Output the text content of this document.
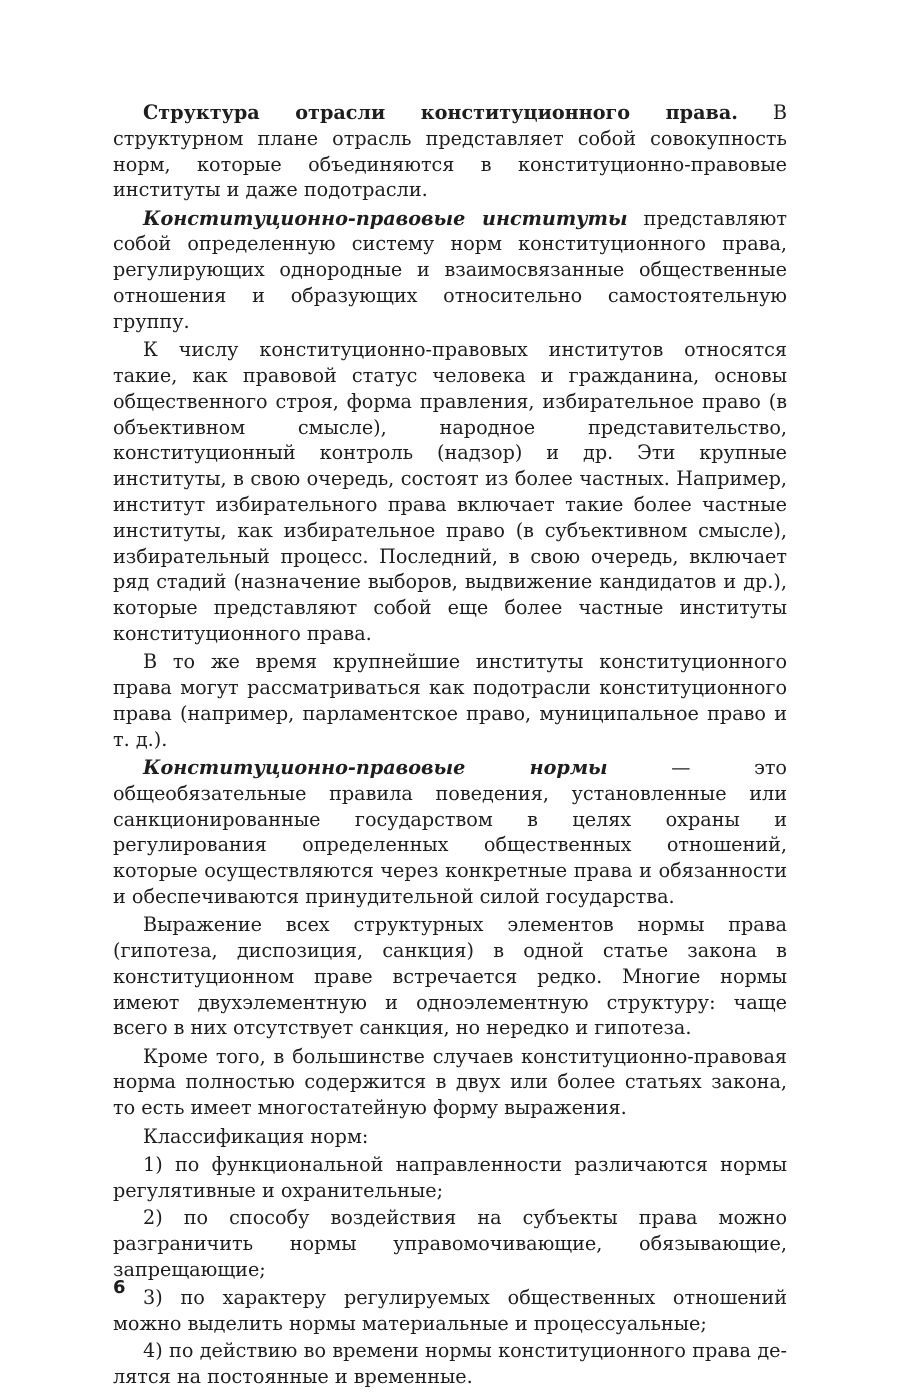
Структура отрасли конституционного права. В структурном плане отрасль представляет собой совокупность норм, которые объединяются в конституционно-правовые институты и даже подотрасли.

Конституционно-правовые институты представляют собой определенную систему норм конституционного права, регулирующих однородные и взаимосвязанные общественные отношения и образующих относительно самостоятельную группу.

К числу конституционно-правовых институтов относятся такие, как правовой статус человека и гражданина, основы общественного строя, форма правления, избирательное право (в объективном смысле), народное представительство, конституционный контроль (надзор) и др. Эти крупные институты, в свою очередь, состоят из более частных. Например, институт избирательного права включает такие более частные институты, как избирательное право (в субъективном смысле), избирательный процесс. Последний, в свою очередь, включает ряд стадий (назначение выборов, выдвижение кандидатов и др.), которые представляют собой еще более частные институты конституционного права.

В то же время крупнейшие институты конституционного права могут рассматриваться как подотрасли конституционного права (например, парламентское право, муниципальное право и т. д.).

Конституционно-правовые нормы — это общеобязательные правила поведения, установленные или санкционированные государством в целях охраны и регулирования определенных общественных отношений, которые осуществляются через конкретные права и обязанности и обеспечиваются принудительной силой государства.

Выражение всех структурных элементов нормы права (гипотеза, диспозиция, санкция) в одной статье закона в конституционном праве встречается редко. Многие нормы имеют двухэлементную и одноэлементную структуру: чаще всего в них отсутствует санкция, но нередко и гипотеза.

Кроме того, в большинстве случаев конституционно-правовая норма полностью содержится в двух или более статьях закона, то есть имеет многостатейную форму выражения.

Классификация норм:

1) по функциональной направленности различаются нормы регулятивные и охранительные;

2) по способу воздействия на субъекты права можно разграничить нормы управомочивающие, обязывающие, запрещающие;

3) по характеру регулируемых общественных отношений можно выделить нормы материальные и процессуальные;

4) по действию во времени нормы конституционного права делятся на постоянные и временные.

6
